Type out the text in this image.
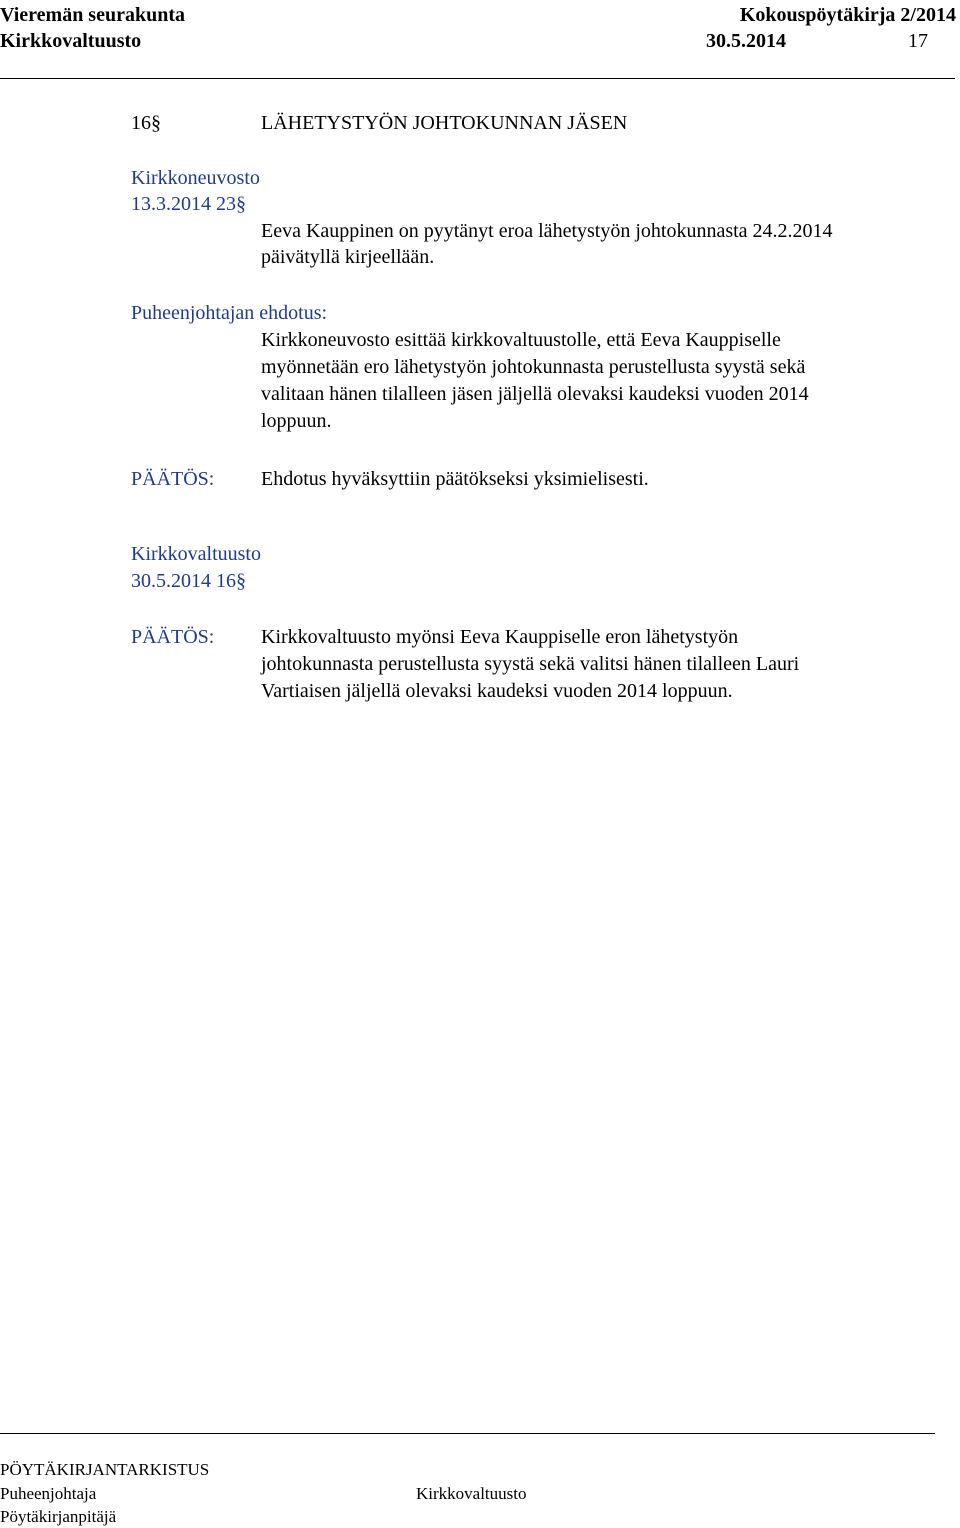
Vieremän seurakunta	Kokouspöytäkirja 2/2014
Kirkkovaltuusto	30.5.2014	17
16§	LÄHETYSTYÖN JOHTOKUNNAN JÄSEN
Kirkkoneuvosto
13.3.2014 23§
Eeva Kauppinen on pyytänyt eroa lähetystyön johtokunnasta 24.2.2014
päivätyllä kirjeellään.
Puheenjohtajan ehdotus:
Kirkkoneuvosto esittää kirkkovaltuustolle, että Eeva Kauppiselle
myönnetään ero lähetystyön johtokunnasta perustellusta syystä sekä
valitaan hänen tilalleen jäsen jäljellä olevaksi kaudeksi vuoden 2014
loppuun.
PÄÄTÖS: Ehdotus hyväksyttiin päätökseksi yksimielisesti.
Kirkkovaltuusto
30.5.2014 16§
PÄÄTÖS: Kirkkovaltuusto myönsi Eeva Kauppiselle eron lähetystyön
johtokunnasta perustellusta syystä sekä valitsi hänen tilalleen Lauri
Vartiaisen jäljellä olevaksi kaudeksi vuoden 2014 loppuun.
PÖYTÄKIRJANTARKISTUS
Puheenjohtaja	Kirkkovaltuusto
Pöytäkirjanpitäjä
